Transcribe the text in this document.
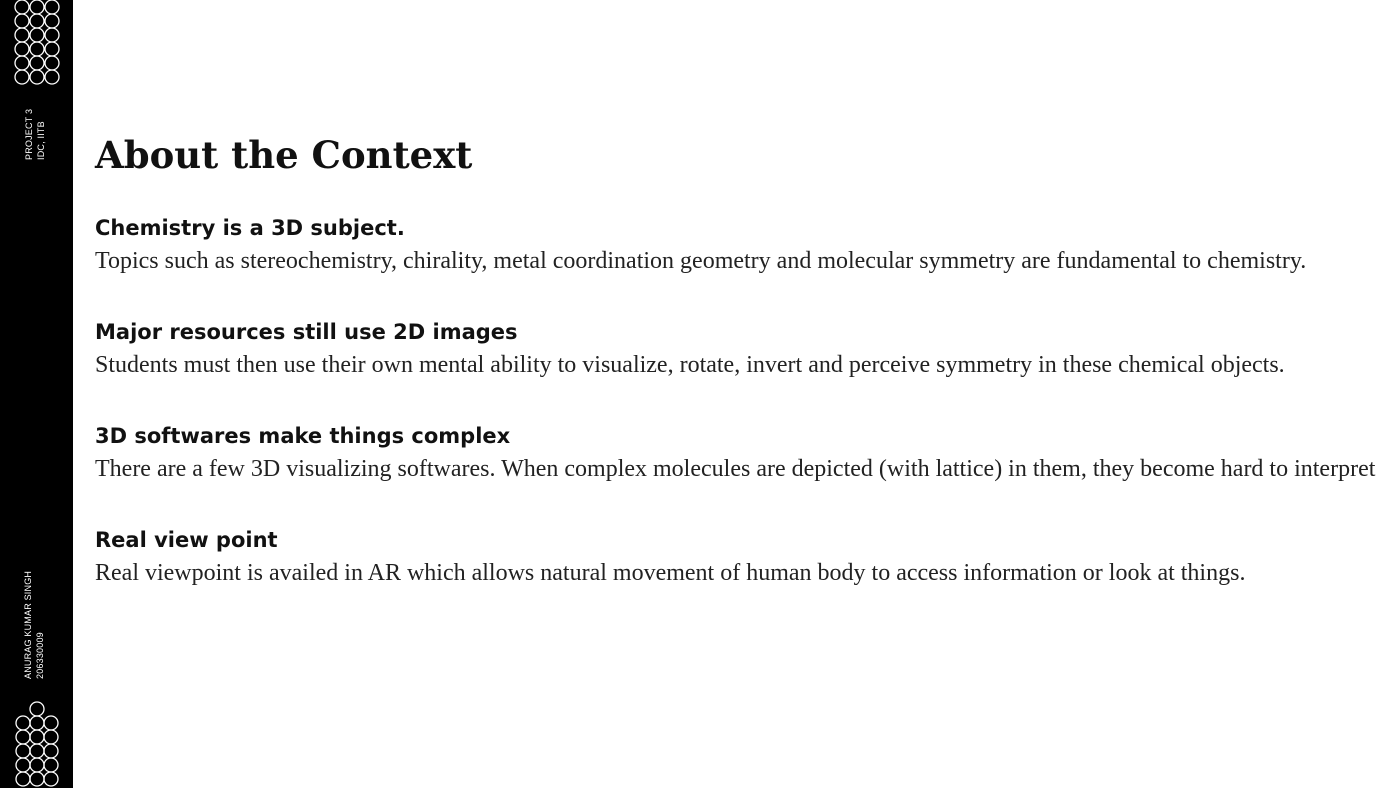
PROJECT 3 IDC, IITB
ANURAG KUMAR SINGH 206330009
About the Context
Chemistry is a 3D subject.
Topics such as stereochemistry, chirality, metal coordination geometry and molecular symmetry are fundamental to chemistry.
Major resources still use 2D images
Students must then use their own mental ability to visualize, rotate, invert and perceive symmetry in these chemical objects.
3D softwares make things complex
There are a few 3D visualizing softwares. When complex molecules are depicted (with lattice) in them, they become hard to interpret
Real view point
Real viewpoint is availed in AR which allows natural movement of human body to access information or look at things.
